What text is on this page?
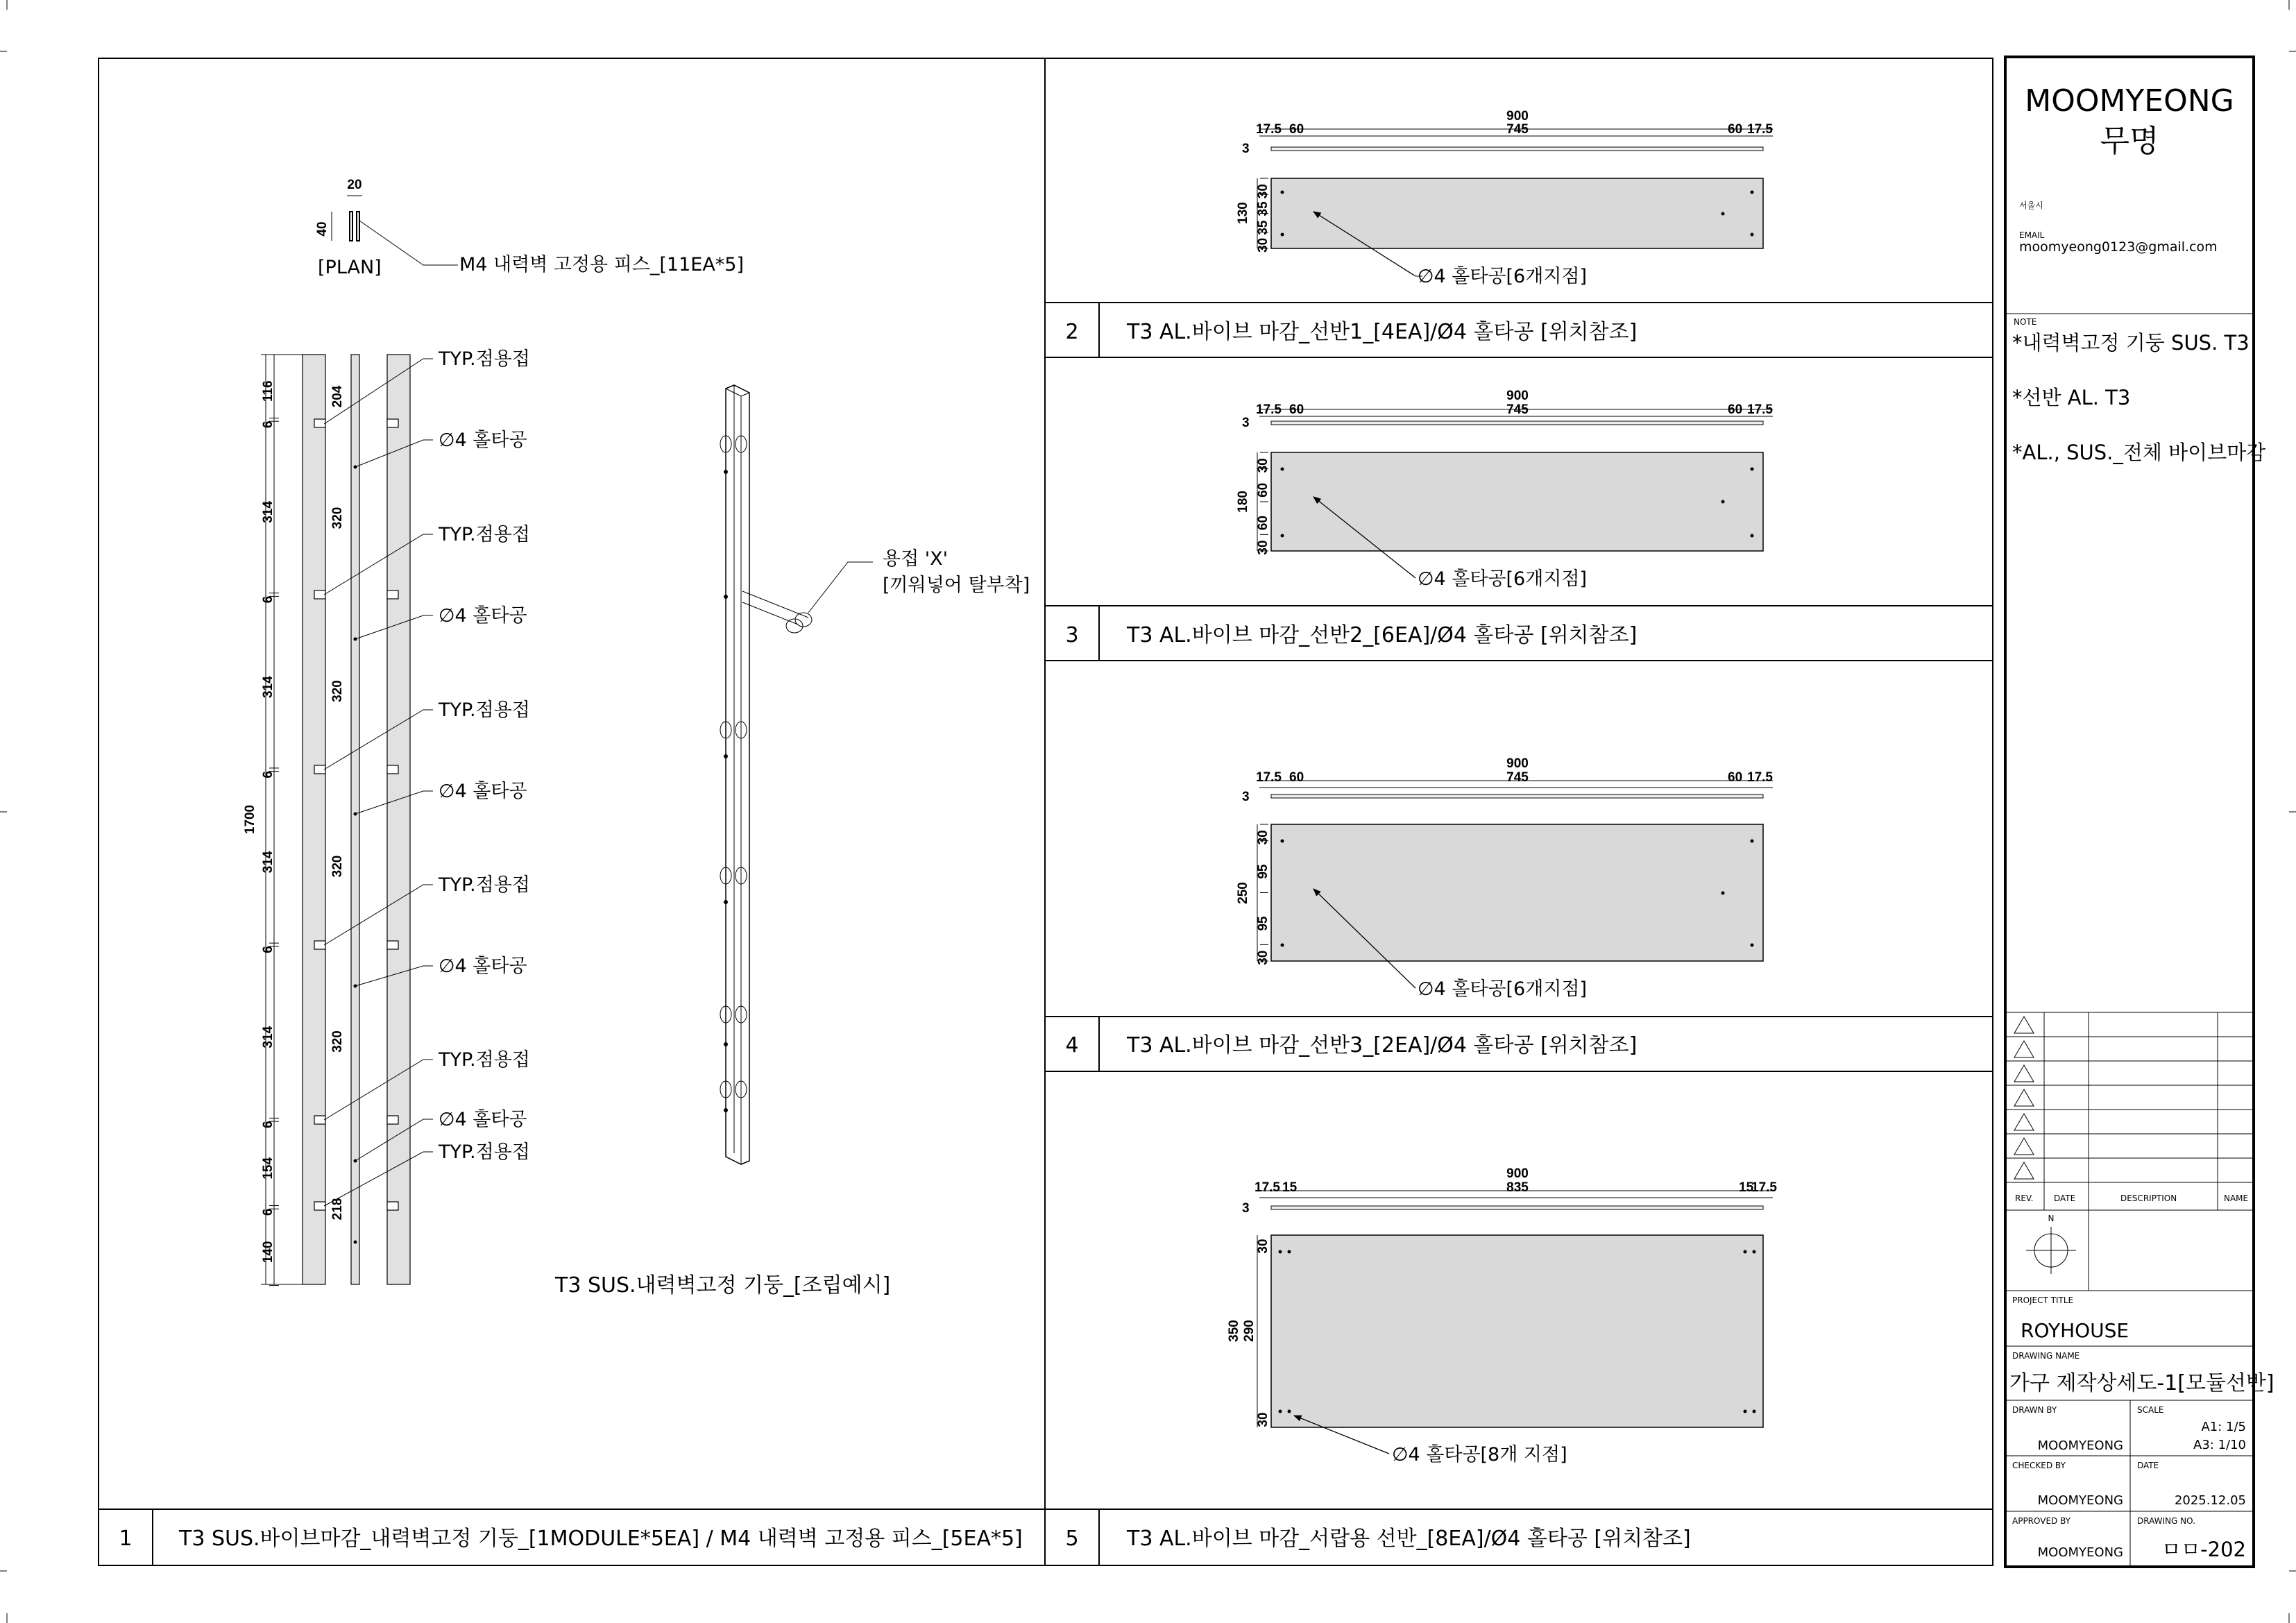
20
40
[PLAN]	M4 내력벽 고정용 피스_[11EA*5]
1700
용접 'X'
[끼워넣어 탈부착]
T3 SUS.내력벽고정 기둥_[조립예시]
1 T3 SUS.바이브마감_내력벽고정 기둥_[1MODULE*5EA] / M4 내력벽 고정용 피스_[5EA*5]
900
17.5 60	745	60 17.5
3
130
∅4 홀타공[6개지점]
2 T3 AL.바이브 마감_선반1_[4EA]/Ø4 홀타공 [위치참조]
900
17.5 60	745	60 17.5
3
180
∅4 홀타공[6개지점]
3 T3 AL.바이브 마감_선반2_[6EA]/Ø4 홀타공 [위치참조]
900
17.5 60	745	60 17.5
3
250
∅4 홀타공[6개지점]
4 T3 AL.바이브 마감_선반3_[2EA]/Ø4 홀타공 [위치참조]
900
17.5 15	835	15
17.5
3
350 290
∅4 홀타공[8개 지점]
5 T3 AL.바이브 마감_서랍용 선반_[8EA]/Ø4 홀타공 [위치참조]
MOOMYEONG
무명
서울시
EMAIL
moomyeong0123@gmail.com
NOTE
*내력벽고정 기둥 SUS. T3
*선반 AL. T3
*AL., SUS._전체 바이브마감
REV. DATE	DESCRIPTION	NAME
N
PROJECT TITLE
ROYHOUSE
DRAWING NAME
가구 제작상세도-1[모듈선반]
DRAWN BY
MOOMYEONG
SCALE
A1: 1/5
A3: 1/10
CHECKED BY
MOOMYEONG
DATE
2025.12.05
APPROVED BY
MOOMYEONG
DRAWING NO.
ㅁㅁ-202
116
6
314
6
314
6
314
6
314
6
154
6
140
204
320
320
320
320
218
TYP.점용접
∅4 홀타공
TYP.점용접
∅4 홀타공
TYP.점용접
∅4 홀타공
TYP.점용접
∅4 홀타공
TYP.점용접
∅4 홀타공
TYP.점용접
30
35
35
30
30
60
60
30
30
95
95
30
30
30
